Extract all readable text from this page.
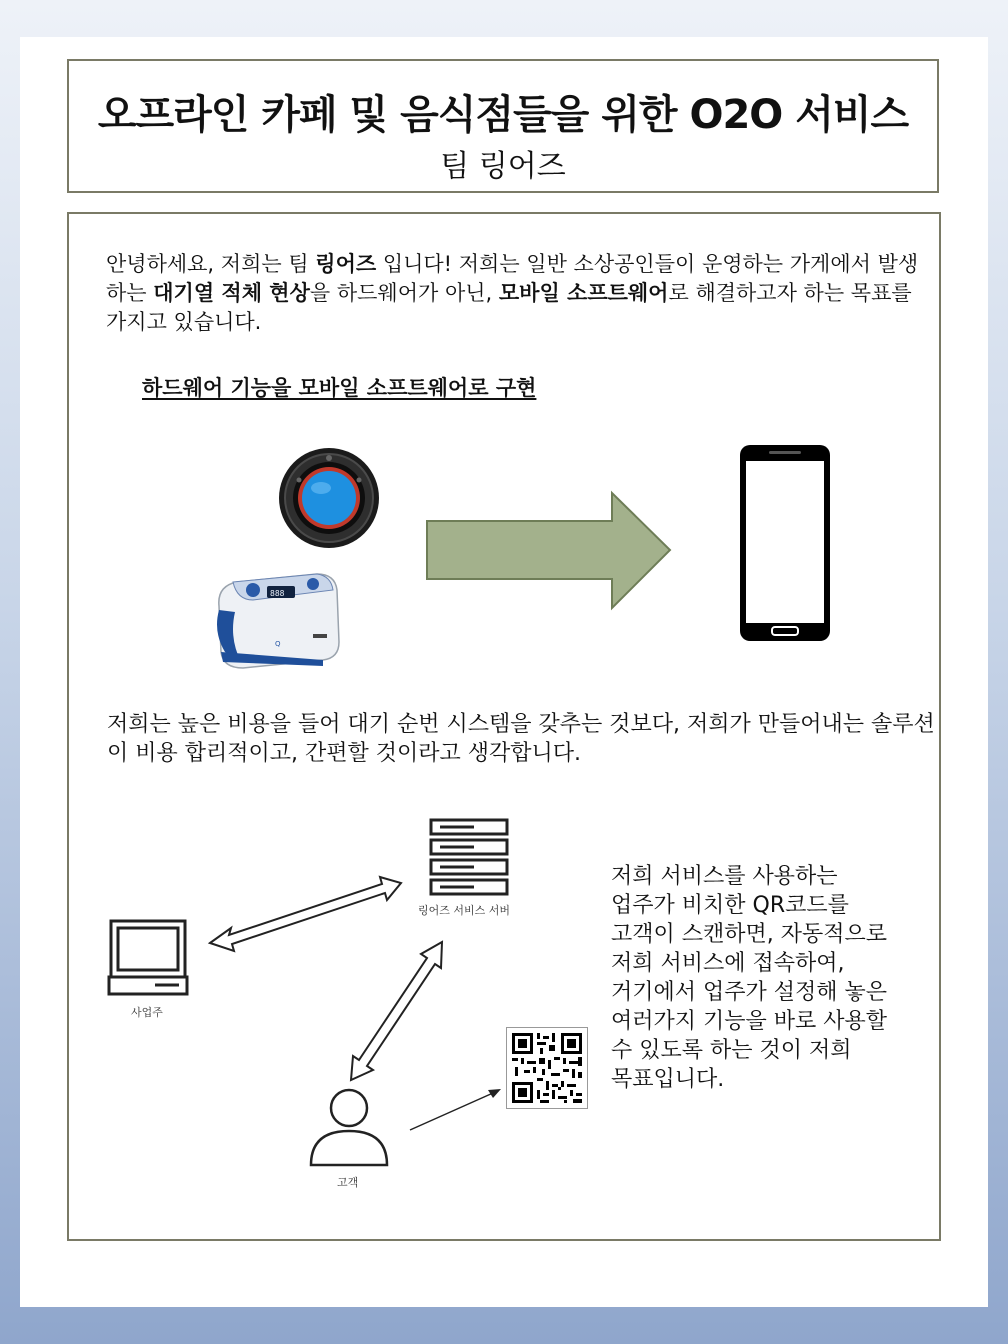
오프라인 카페 및 음식점들을 위한 O2O 서비스
팀 링어즈
안녕하세요, 저희는 팀 링어즈 입니다! 저희는 일반 소상공인들이 운영하는 가게에서 발생하는 대기열 적체 현상을 하드웨어가 아닌, 모바일 소프트웨어로 해결하고자 하는 목표를 가지고 있습니다.
하드웨어 기능을 모바일 소프트웨어로 구현
888
Q
저희는 높은 비용을 들어 대기 순번 시스템을 갖추는 것보다, 저희가 만들어내는 솔루션이 비용 합리적이고, 간편할 것이라고 생각합니다.
링어즈 서비스 서버
사업주
고객
저희 서비스를 사용하는
업주가 비치한 QR코드를
고객이 스캔하면, 자동적으로
저희 서비스에 접속하여,
거기에서 업주가 설정해 놓은
여러가지 기능을 바로 사용할
수 있도록 하는 것이 저희
목표입니다.
